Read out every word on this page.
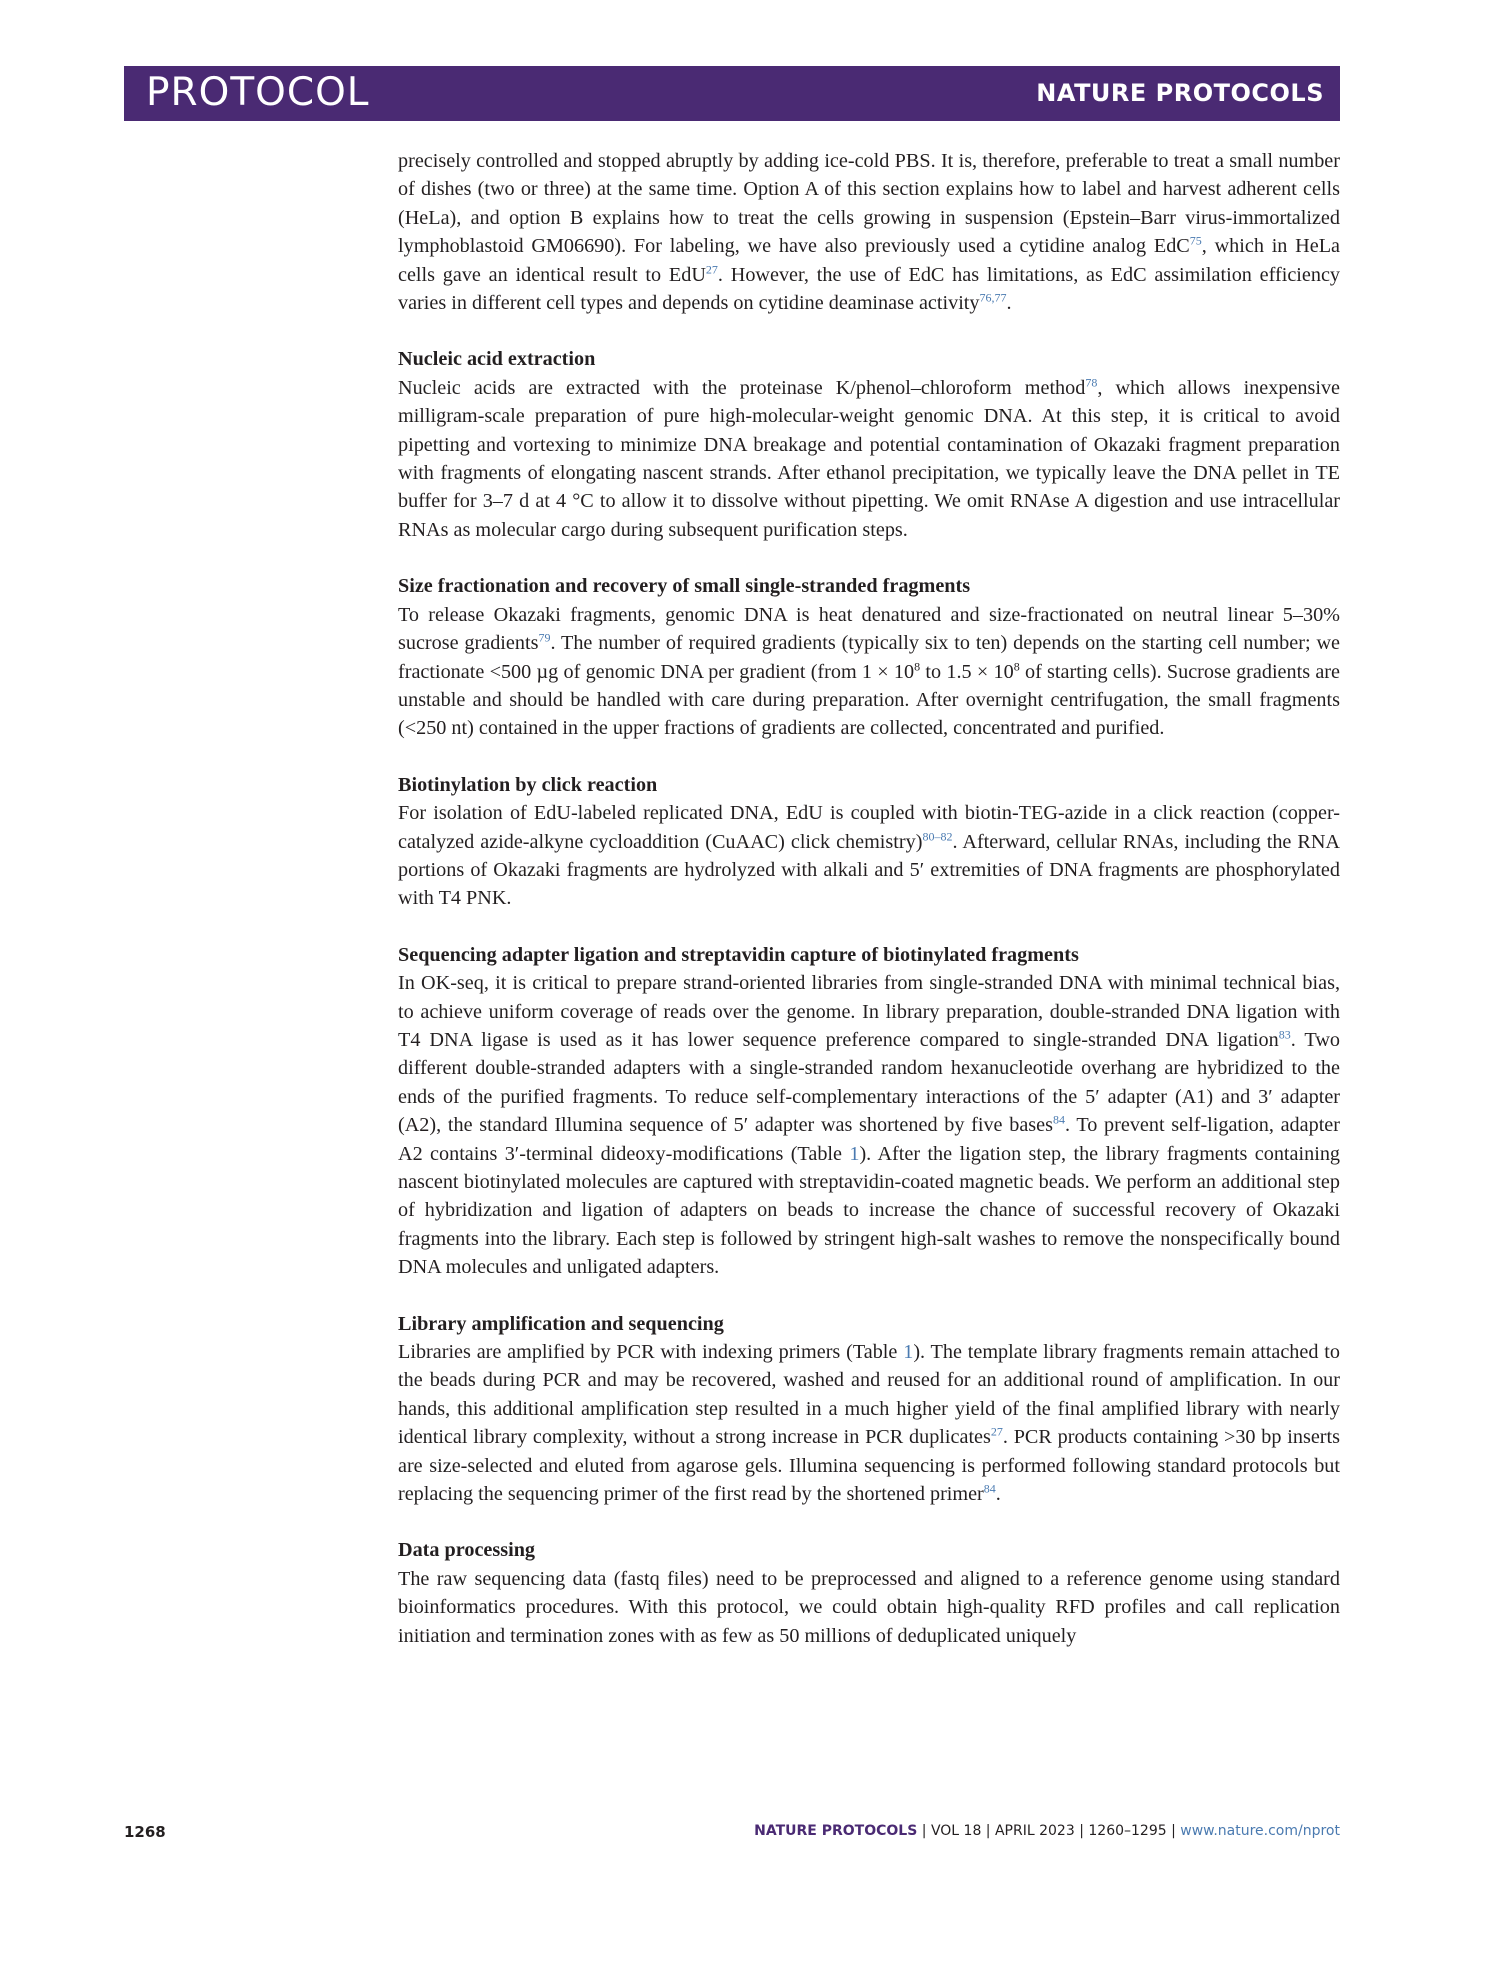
PROTOCOL	NATURE PROTOCOLS

precisely controlled and stopped abruptly by adding ice-cold PBS. It is, therefore, preferable to treat a small number of dishes (two or three) at the same time. Option A of this section explains how to label and harvest adherent cells (HeLa), and option B explains how to treat the cells growing in suspension (Epstein–Barr virus-immortalized lymphoblastoid GM06690). For labeling, we have also previously used a cytidine analog EdC$^{75}$, which in HeLa cells gave an identical result to EdU$^{27}$. However, the use of EdC has limitations, as EdC assimilation efficiency varies in different cell types and depends on cytidine deaminase activity$^{76,77}$.

Nucleic acid extraction

Nucleic acids are extracted with the proteinase K/phenol–chloroform method$^{78}$, which allows inexpensive milligram-scale preparation of pure high-molecular-weight genomic DNA. At this step, it is critical to avoid pipetting and vortexing to minimize DNA breakage and potential contamination of Okazaki fragment preparation with fragments of elongating nascent strands. After ethanol precipitation, we typically leave the DNA pellet in TE buffer for 3–7 d at 4 °C to allow it to dissolve without pipetting. We omit RNAse A digestion and use intracellular RNAs as molecular cargo during subsequent purification steps.

Size fractionation and recovery of small single-stranded fragments

To release Okazaki fragments, genomic DNA is heat denatured and size-fractionated on neutral linear 5–30% sucrose gradients$^{79}$. The number of required gradients (typically six to ten) depends on the starting cell number; we fractionate <500 µg of genomic DNA per gradient (from $1 \times 10^8$ to $1.5 \times 10^8$ of starting cells). Sucrose gradients are unstable and should be handled with care during preparation. After overnight centrifugation, the small fragments (<250 nt) contained in the upper fractions of gradients are collected, concentrated and purified.

Biotinylation by click reaction

For isolation of EdU-labeled replicated DNA, EdU is coupled with biotin-TEG-azide in a click reaction (copper-catalyzed azide-alkyne cycloaddition (CuAAC) click chemistry)$^{80-82}$. Afterward, cellular RNAs, including the RNA portions of Okazaki fragments are hydrolyzed with alkali and 5′ extremities of DNA fragments are phosphorylated with T4 PNK.

Sequencing adapter ligation and streptavidin capture of biotinylated fragments

In OK-seq, it is critical to prepare strand-oriented libraries from single-stranded DNA with minimal technical bias, to achieve uniform coverage of reads over the genome. In library preparation, double-stranded DNA ligation with T4 DNA ligase is used as it has lower sequence preference compared to single-stranded DNA ligation$^{83}$. Two different double-stranded adapters with a single-stranded random hexanucleotide overhang are hybridized to the ends of the purified fragments. To reduce self-complementary interactions of the 5′ adapter (A1) and 3′ adapter (A2), the standard Illumina sequence of 5′ adapter was shortened by five bases$^{84}$. To prevent self-ligation, adapter A2 contains 3′-terminal dideoxy-modifications (Table 1). After the ligation step, the library fragments containing nascent biotinylated molecules are captured with streptavidin-coated magnetic beads. We perform an additional step of hybridization and ligation of adapters on beads to increase the chance of successful recovery of Okazaki fragments into the library. Each step is followed by stringent high-salt washes to remove the nonspecifically bound DNA molecules and unligated adapters.

Library amplification and sequencing

Libraries are amplified by PCR with indexing primers (Table 1). The template library fragments remain attached to the beads during PCR and may be recovered, washed and reused for an additional round of amplification. In our hands, this additional amplification step resulted in a much higher yield of the final amplified library with nearly identical library complexity, without a strong increase in PCR duplicates$^{27}$. PCR products containing >30 bp inserts are size-selected and eluted from agarose gels. Illumina sequencing is performed following standard protocols but replacing the sequencing primer of the first read by the shortened primer$^{84}$.

Data processing

The raw sequencing data (fastq files) need to be preprocessed and aligned to a reference genome using standard bioinformatics procedures. With this protocol, we could obtain high-quality RFD profiles and call replication initiation and termination zones with as few as 50 millions of deduplicated uniquely

1268	NATURE PROTOCOLS | VOL 18 | APRIL 2023 | 1260–1295 | www.nature.com/nprot
